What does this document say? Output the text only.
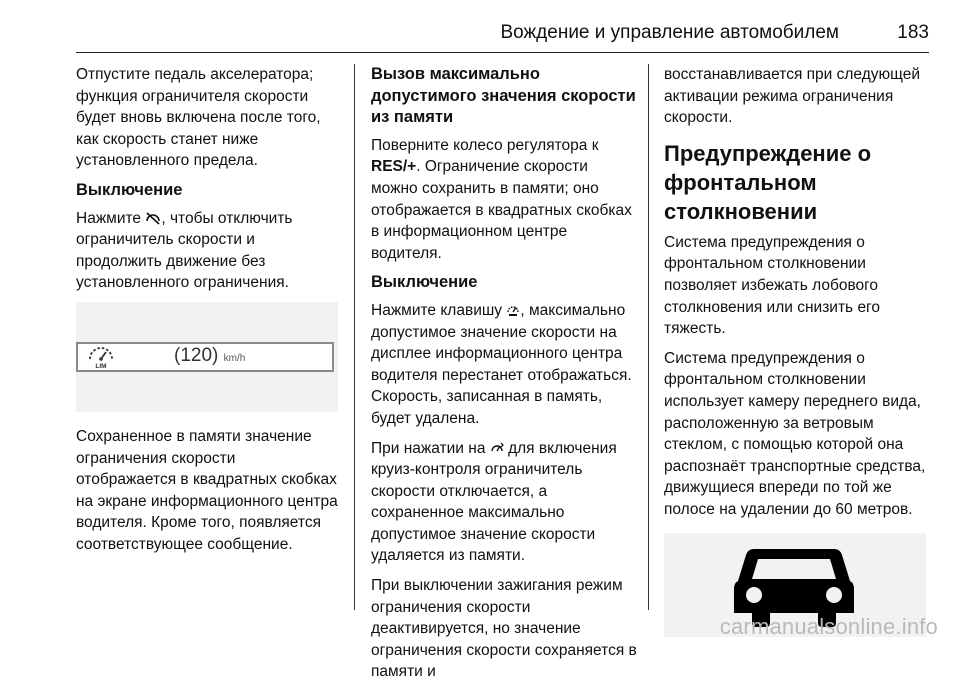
Вождение и управление автомобилем	183

Отпустите педаль акселератора; функция ограничителя скорости будет вновь включена после того, как скорость станет ниже установленного предела.

Выключение

Нажмите , чтобы отключить ограничитель скорости и продолжить движение без установленного ограничения.

LIM
(120) km/h

Сохраненное в памяти значение ограничения скорости отображается в квадратных скобках на экране информационного центра водителя. Кроме того, появляется соответствующее сообщение.

Вызов максимально допустимого значения скорости из памяти

Поверните колесо регулятора к RES/+. Ограничение скорости можно сохранить в памяти; оно отображается в квадратных скобках в информационном центре водителя.

Выключение

Нажмите клавишу , максимально допустимое значение скорости на дисплее информационного центра водителя перестанет отображаться. Скорость, записанная в память, будет удалена.

При нажатии на для включения круиз-контроля ограничитель скорости отключается, а сохраненное максимально допустимое значение скорости удаляется из памяти.

При выключении зажигания режим ограничения скорости деактивируется, но значение ограничения скорости сохраняется в памяти и

восстанавливается при следующей активации режима ограничения скорости.

Предупреждение о фронтальном столкновении

Система предупреждения о фронтальном столкновении позволяет избежать лобового столкновения или снизить его тяжесть.

Система предупреждения о фронтальном столкновении использует камеру переднего вида, расположенную за ветровым стеклом, с помощью которой она распознаёт транспортные средства, движущиеся впереди по той же полосе на удалении до 60 метров.

carmanualsonline.info
